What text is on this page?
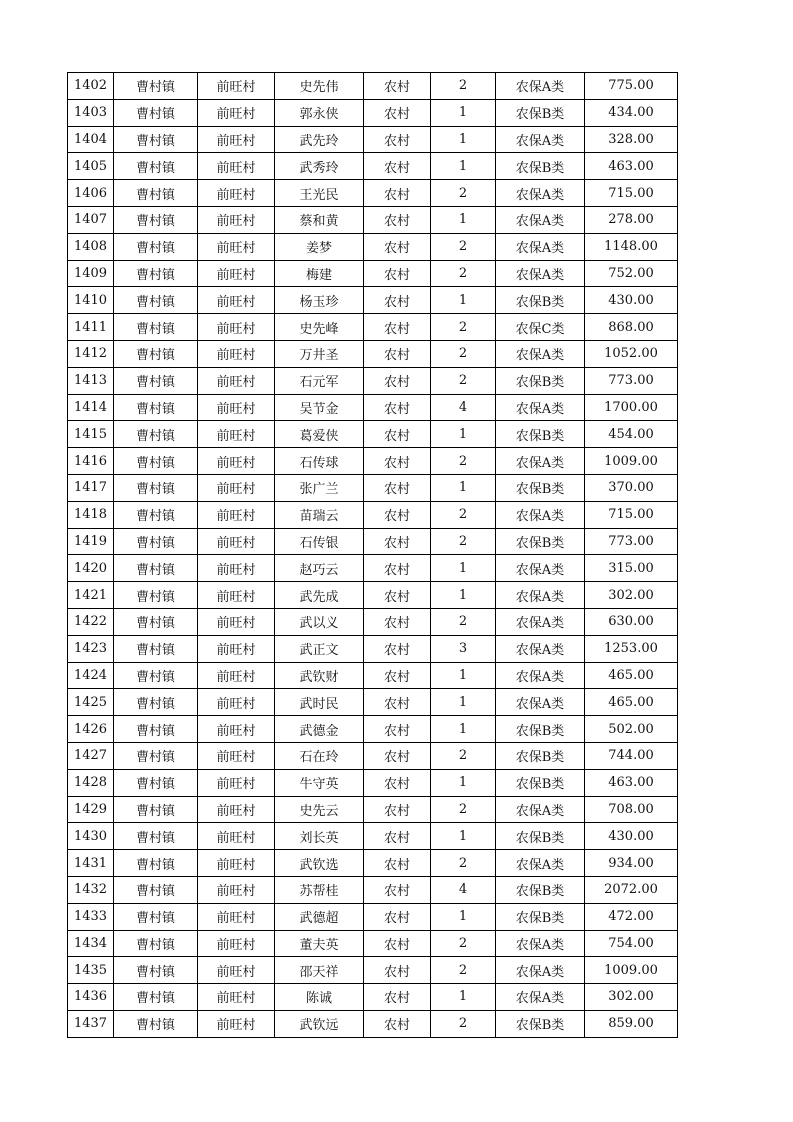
1402	曹村镇	前旺村	史先伟	农村	2	农保A类	775.00
1403	曹村镇	前旺村	郭永侠	农村	1	农保B类	434.00
1404	曹村镇	前旺村	武先玲	农村	1	农保A类	328.00
1405	曹村镇	前旺村	武秀玲	农村	1	农保B类	463.00
1406	曹村镇	前旺村	王光民	农村	2	农保A类	715.00
1407	曹村镇	前旺村	蔡和黄	农村	1	农保A类	278.00
1408	曹村镇	前旺村	姜梦	农村	2	农保A类	1148.00
1409	曹村镇	前旺村	梅建	农村	2	农保A类	752.00
1410	曹村镇	前旺村	杨玉珍	农村	1	农保B类	430.00
1411	曹村镇	前旺村	史先峰	农村	2	农保C类	868.00
1412	曹村镇	前旺村	万井圣	农村	2	农保A类	1052.00
1413	曹村镇	前旺村	石元军	农村	2	农保B类	773.00
1414	曹村镇	前旺村	吴节金	农村	4	农保A类	1700.00
1415	曹村镇	前旺村	葛爱侠	农村	1	农保B类	454.00
1416	曹村镇	前旺村	石传球	农村	2	农保A类	1009.00
1417	曹村镇	前旺村	张广兰	农村	1	农保B类	370.00
1418	曹村镇	前旺村	苗瑞云	农村	2	农保A类	715.00
1419	曹村镇	前旺村	石传银	农村	2	农保B类	773.00
1420	曹村镇	前旺村	赵巧云	农村	1	农保A类	315.00
1421	曹村镇	前旺村	武先成	农村	1	农保A类	302.00
1422	曹村镇	前旺村	武以义	农村	2	农保A类	630.00
1423	曹村镇	前旺村	武正文	农村	3	农保A类	1253.00
1424	曹村镇	前旺村	武钦财	农村	1	农保A类	465.00
1425	曹村镇	前旺村	武时民	农村	1	农保A类	465.00
1426	曹村镇	前旺村	武德金	农村	1	农保B类	502.00
1427	曹村镇	前旺村	石在玲	农村	2	农保B类	744.00
1428	曹村镇	前旺村	牛守英	农村	1	农保B类	463.00
1429	曹村镇	前旺村	史先云	农村	2	农保A类	708.00
1430	曹村镇	前旺村	刘长英	农村	1	农保B类	430.00
1431	曹村镇	前旺村	武钦选	农村	2	农保A类	934.00
1432	曹村镇	前旺村	苏帮桂	农村	4	农保B类	2072.00
1433	曹村镇	前旺村	武德超	农村	1	农保B类	472.00
1434	曹村镇	前旺村	董夫英	农村	2	农保A类	754.00
1435	曹村镇	前旺村	邵天祥	农村	2	农保A类	1009.00
1436	曹村镇	前旺村	陈诚	农村	1	农保A类	302.00
1437	曹村镇	前旺村	武钦远	农村	2	农保B类	859.00
